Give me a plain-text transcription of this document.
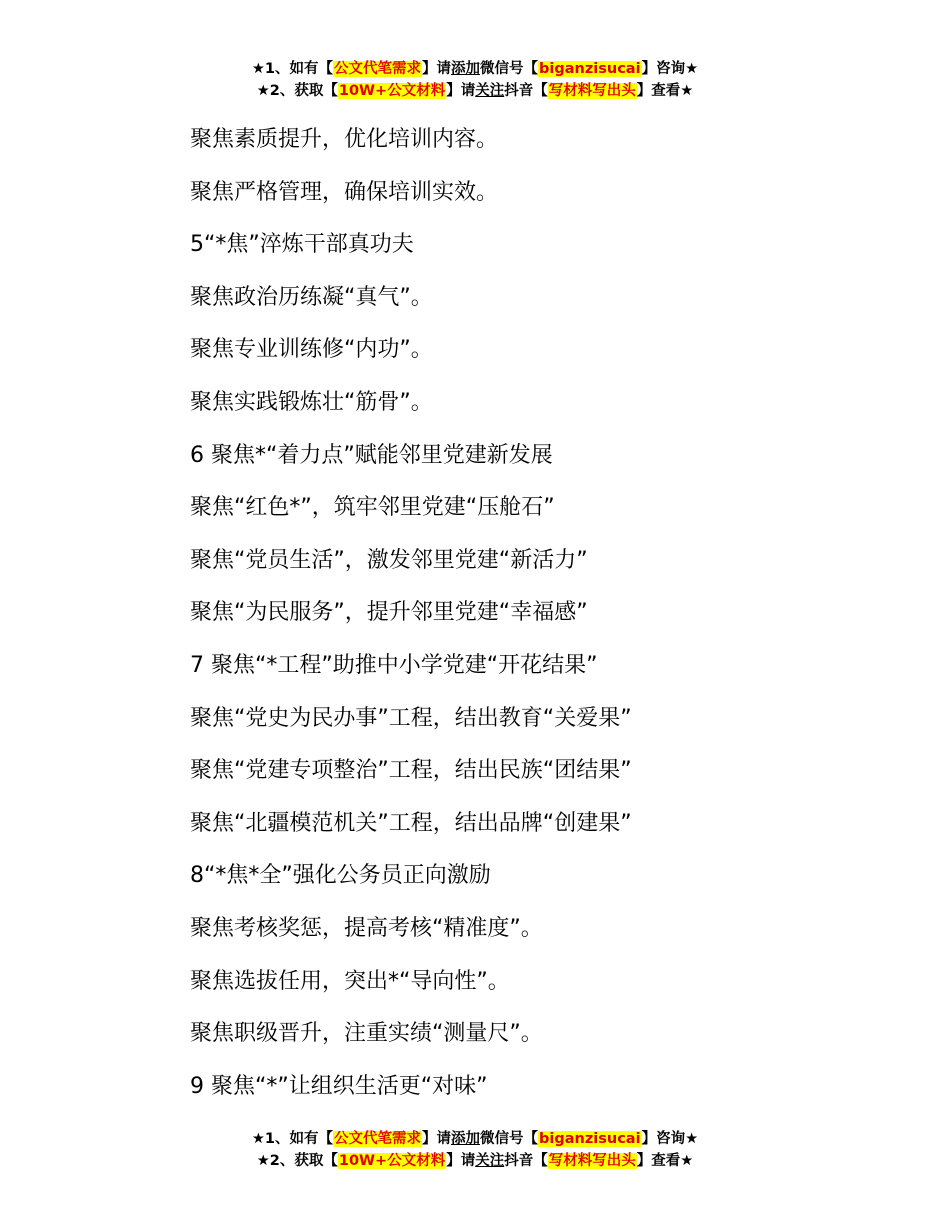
★1、如有【公文代笔需求】请添加微信号【biganzisucai】咨询★
★2、获取【10W+公文材料】请关注抖音【写材料写出头】查看★
聚焦素质提升，优化培训内容。
聚焦严格管理，确保培训实效。
5“*焦”淬炼干部真功夫
聚焦政治历练凝“真气”。
聚焦专业训练修“内功”。
聚焦实践锻炼壮“筋骨”。
6 聚焦*“着力点”赋能邻里党建新发展
聚焦“红色*”，筑牢邻里党建“压舱石”
聚焦“党员生活”，激发邻里党建“新活力”
聚焦“为民服务”，提升邻里党建“幸福感”
7 聚焦“*工程”助推中小学党建“开花结果”
聚焦“党史为民办事”工程，结出教育“关爱果”
聚焦“党建专项整治”工程，结出民族“团结果”
聚焦“北疆模范机关”工程，结出品牌“创建果”
8“*焦*全”强化公务员正向激励
聚焦考核奖惩，提高考核“精准度”。
聚焦选拔任用，突出*“导向性”。
聚焦职级晋升，注重实绩“测量尺”。
9 聚焦“*”让组织生活更“对味”
★1、如有【公文代笔需求】请添加微信号【biganzisucai】咨询★
★2、获取【10W+公文材料】请关注抖音【写材料写出头】查看★
